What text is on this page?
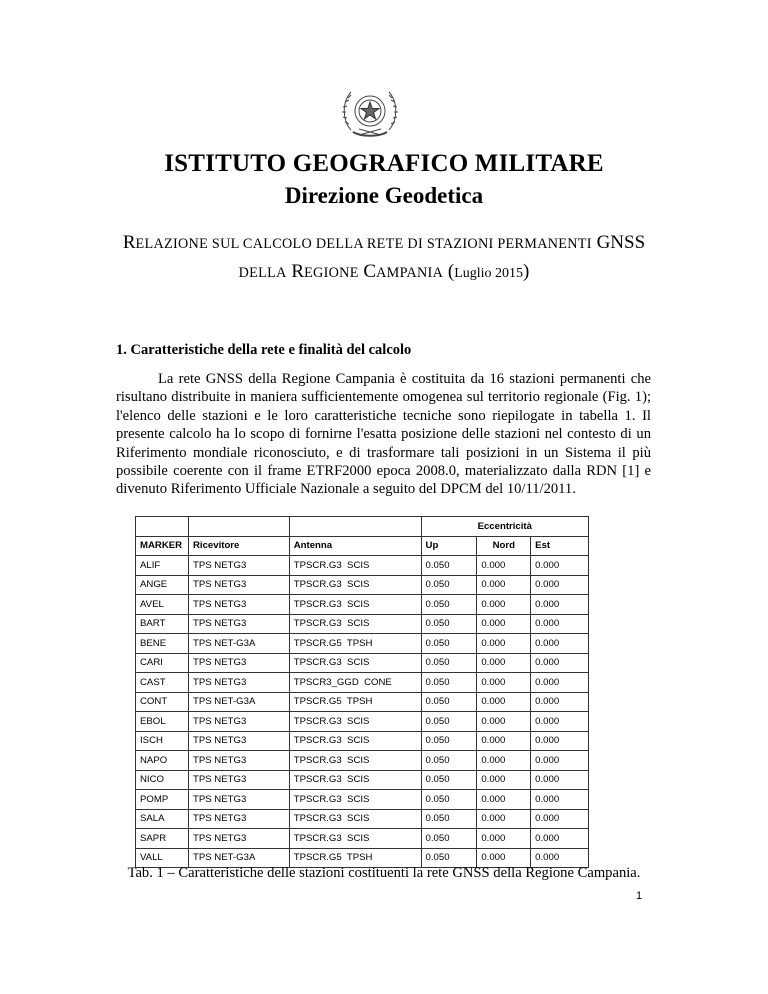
ISTITUTO GEOGRAFICO MILITARE
Direzione Geodetica
RELAZIONE SUL CALCOLO DELLA RETE DI STAZIONI PERMANENTI GNSS
DELLA REGIONE CAMPANIA (Luglio 2015)
1. Caratteristiche della rete e finalità del calcolo
La rete GNSS della Regione Campania è costituita da 16 stazioni permanenti che risultano distribuite in maniera sufficientemente omogenea sul territorio regionale (Fig. 1); l'elenco delle stazioni e le loro caratteristiche tecniche sono riepilogate in tabella 1. Il presente calcolo ha lo scopo di fornirne l'esatta posizione delle stazioni nel contesto di un Riferimento mondiale riconosciuto, e di trasformare tali posizioni in un Sistema il più possibile coerente con il frame ETRF2000 epoca 2008.0, materializzato dalla RDN [1] e divenuto Riferimento Ufficiale Nazionale a seguito del DPCM del 10/11/2011.
			Eccentricità		
MARKER	Ricevitore	Antenna	Up	Nord	Est
ALIF	TPS NETG3	TPSCR.G3  SCIS	0.050	0.000	0.000
ANGE	TPS NETG3	TPSCR.G3  SCIS	0.050	0.000	0.000
AVEL	TPS NETG3	TPSCR.G3  SCIS	0.050	0.000	0.000
BART	TPS NETG3	TPSCR.G3  SCIS	0.050	0.000	0.000
BENE	TPS NET-G3A	TPSCR.G5  TPSH	0.050	0.000	0.000
CARI	TPS NETG3	TPSCR.G3  SCIS	0.050	0.000	0.000
CAST	TPS NETG3	TPSCR3_GGD  CONE	0.050	0.000	0.000
CONT	TPS NET-G3A	TPSCR.G5  TPSH	0.050	0.000	0.000
EBOL	TPS NETG3	TPSCR.G3  SCIS	0.050	0.000	0.000
ISCH	TPS NETG3	TPSCR.G3  SCIS	0.050	0.000	0.000
NAPO	TPS NETG3	TPSCR.G3  SCIS	0.050	0.000	0.000
NICO	TPS NETG3	TPSCR.G3  SCIS	0.050	0.000	0.000
POMP	TPS NETG3	TPSCR.G3  SCIS	0.050	0.000	0.000
SALA	TPS NETG3	TPSCR.G3  SCIS	0.050	0.000	0.000
SAPR	TPS NETG3	TPSCR.G3  SCIS	0.050	0.000	0.000
VALL	TPS NET-G3A	TPSCR.G5  TPSH	0.050	0.000	0.000
Tab. 1 – Caratteristiche delle stazioni costituenti la rete GNSS della Regione Campania.
1
